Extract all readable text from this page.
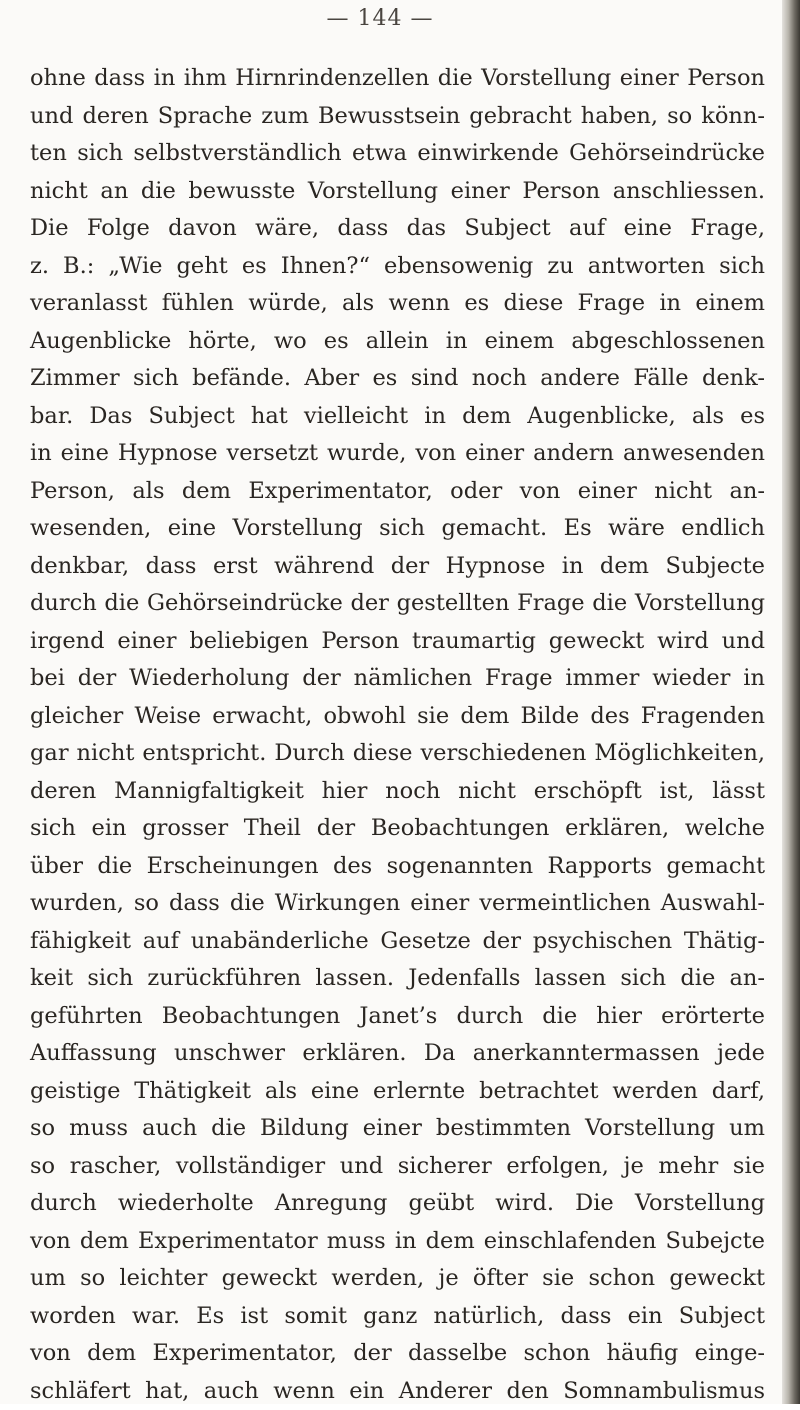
— 144 —
ohne dass in ihm Hirnrindenzellen die Vorstellung einer Person
und deren Sprache zum Bewusstsein gebracht haben, so könn-
ten sich selbstverständlich etwa einwirkende Gehörseindrücke
nicht an die bewusste Vorstellung einer Person anschliessen.
Die Folge davon wäre, dass das Subject auf eine Frage,
z. B.: „Wie geht es Ihnen?“ ebensowenig zu antworten sich
veranlasst fühlen würde, als wenn es diese Frage in einem
Augenblicke hörte, wo es allein in einem abgeschlossenen
Zimmer sich befände. Aber es sind noch andere Fälle denk-
bar. Das Subject hat vielleicht in dem Augenblicke, als es
in eine Hypnose versetzt wurde, von einer andern anwesenden
Person, als dem Experimentator, oder von einer nicht an-
wesenden, eine Vorstellung sich gemacht. Es wäre endlich
denkbar, dass erst während der Hypnose in dem Subjecte
durch die Gehörseindrücke der gestellten Frage die Vorstellung
irgend einer beliebigen Person traumartig geweckt wird und
bei der Wiederholung der nämlichen Frage immer wieder in
gleicher Weise erwacht, obwohl sie dem Bilde des Fragenden
gar nicht entspricht. Durch diese verschiedenen Möglichkeiten,
deren Mannigfaltigkeit hier noch nicht erschöpft ist, lässt
sich ein grosser Theil der Beobachtungen erklären, welche
über die Erscheinungen des sogenannten Rapports gemacht
wurden, so dass die Wirkungen einer vermeintlichen Auswahl-
fähigkeit auf unabänderliche Gesetze der psychischen Thätig-
keit sich zurückführen lassen. Jedenfalls lassen sich die an-
geführten Beobachtungen Janet’s durch die hier erörterte
Auffassung unschwer erklären. Da anerkanntermassen jede
geistige Thätigkeit als eine erlernte betrachtet werden darf,
so muss auch die Bildung einer bestimmten Vorstellung um
so rascher, vollständiger und sicherer erfolgen, je mehr sie
durch wiederholte Anregung geübt wird. Die Vorstellung
von dem Experimentator muss in dem einschlafenden Subejcte
um so leichter geweckt werden, je öfter sie schon geweckt
worden war. Es ist somit ganz natürlich, dass ein Subject
von dem Experimentator, der dasselbe schon häufig einge-
schläfert hat, auch wenn ein Anderer den Somnambulismus
